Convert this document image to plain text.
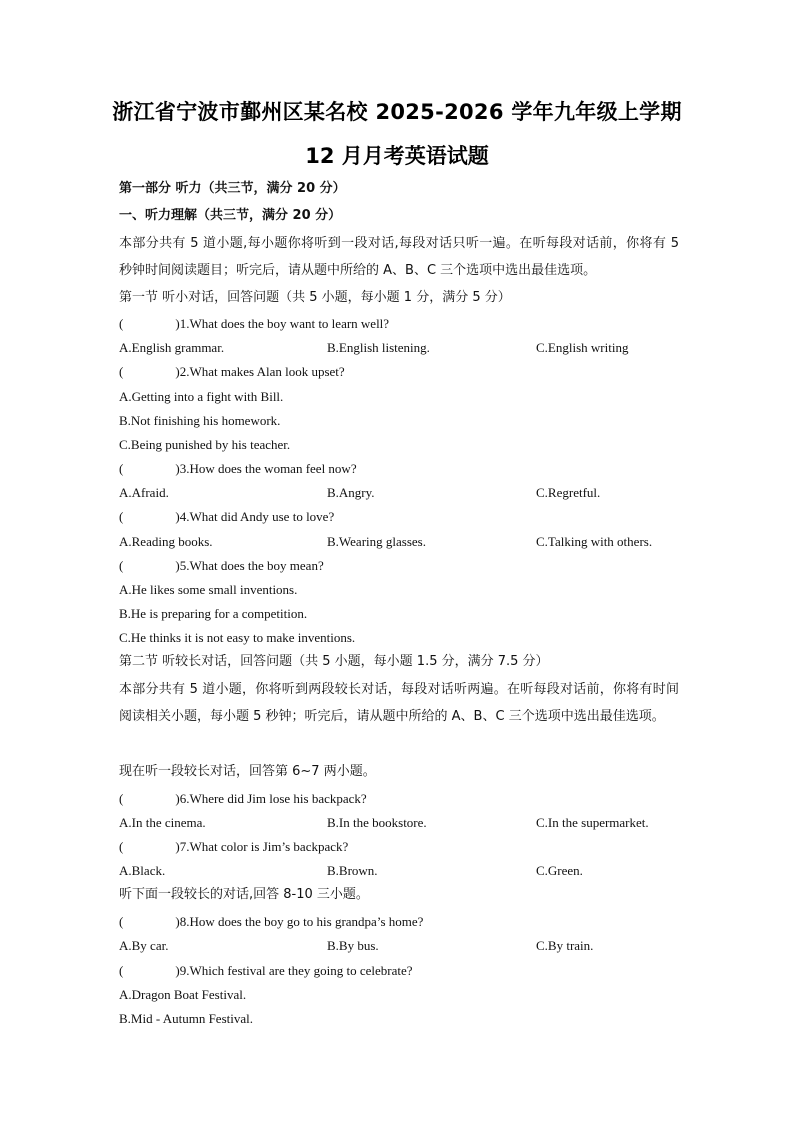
浙江省宁波市鄞州区某名校 2025-2026 学年九年级上学期
12 月月考英语试题
第一部分 听力（共三节，满分 20 分）
一、听力理解（共三节，满分 20 分）
本部分共有 5 道小题,每小题你将听到一段对话,每段对话只听一遍。在听每段对话前，你将有 5 秒钟时间阅读题目；听完后，请从题中所给的 A、B、C 三个选项中选出最佳选项。
第一节 听小对话，回答问题（共 5 小题，每小题 1 分，满分 5 分）
(	)1.What does the boy want to learn well?
A.English grammar.	B.English listening.	C.English writing
(	)2.What makes Alan look upset?
A.Getting into a fight with Bill.
B.Not finishing his homework.
C.Being punished by his teacher.
(	)3.How does the woman feel now?
A.Afraid.	B.Angry.	C.Regretful.
(	)4.What did Andy use to love?
A.Reading books.	B.Wearing glasses.	C.Talking with others.
(	)5.What does the boy mean?
A.He likes some small inventions.
B.He is preparing for a competition.
C.He thinks it is not easy to make inventions.
第二节 听较长对话，回答问题（共 5 小题，每小题 1.5 分，满分 7.5 分）
本部分共有 5 道小题，你将听到两段较长对话，每段对话听两遍。在听每段对话前，你将有时间阅读相关小题，每小题 5 秒钟；听完后，请从题中所给的 A、B、C 三个选项中选出最佳选项。
现在听一段较长对话，回答第 6~7 两小题。
(	)6.Where did Jim lose his backpack?
A.In the cinema.	B.In the bookstore.	C.In the supermarket.
(	)7.What color is Jim’s backpack?
A.Black.	B.Brown.	C.Green.
听下面一段较长的对话,回答 8-10 三小题。
(	)8.How does the boy go to his grandpa’s home?
A.By car.	B.By bus.	C.By train.
(	)9.Which festival are they going to celebrate?
A.Dragon Boat Festival.
B.Mid - Autumn Festival.
